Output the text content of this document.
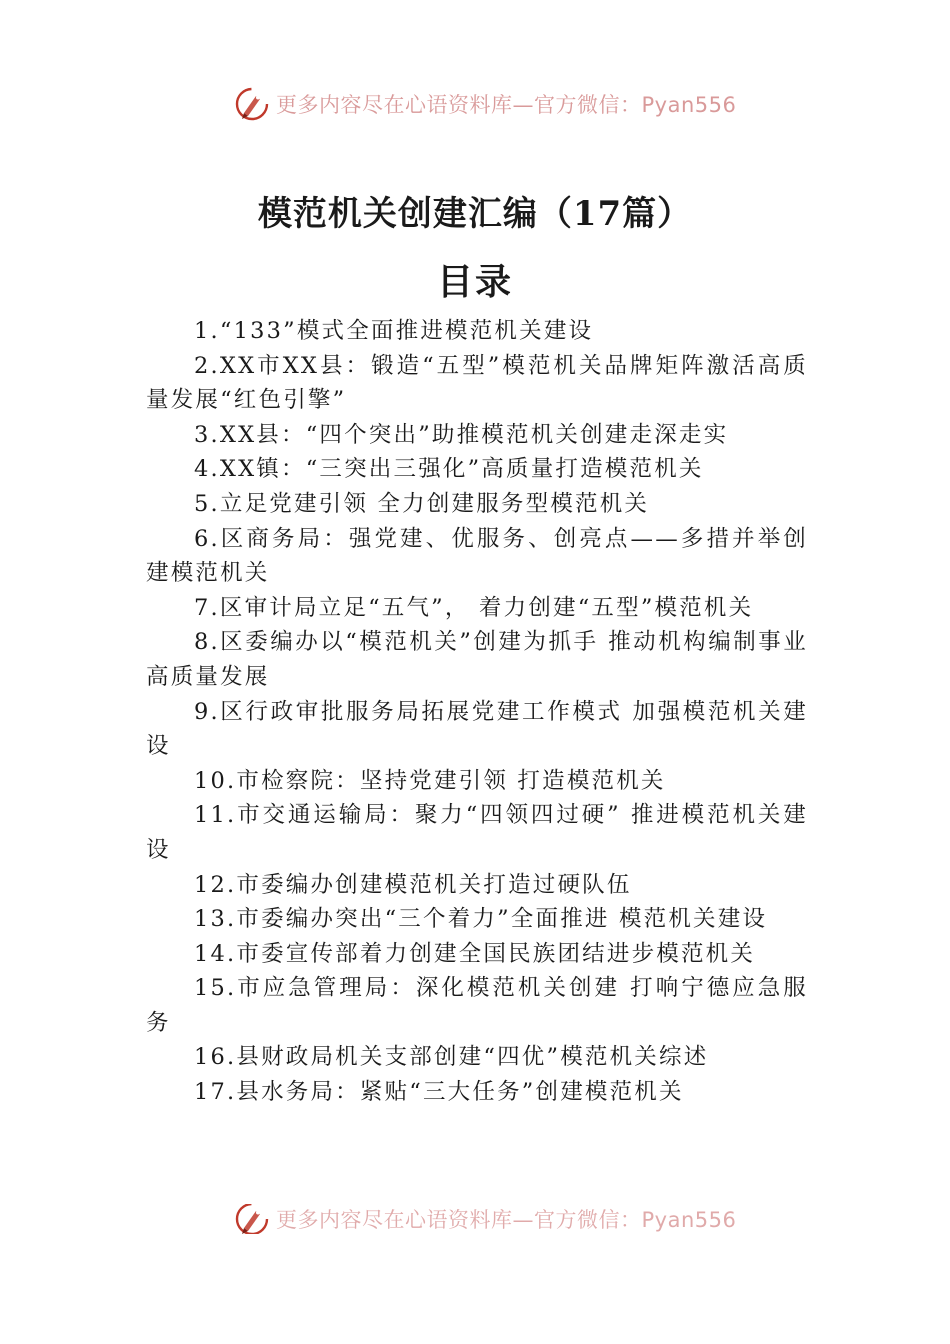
更多内容尽在心语资料库—官方微信：Pyan556
模范机关创建汇编（17篇）
目录
1.“133”模式全面推进模范机关建设
2.XX市XX县：锻造“五型”模范机关品牌矩阵激活高质量发展“红色引擎”
3.XX县：“四个突出”助推模范机关创建走深走实
4.XX镇：“三突出三强化”高质量打造模范机关
5.立足党建引领 全力创建服务型模范机关
6.区商务局：强党建、优服务、创亮点——多措并举创建模范机关
7.区审计局立足“五气”， 着力创建“五型”模范机关
8.区委编办以“模范机关”创建为抓手 推动机构编制事业高质量发展
9.区行政审批服务局拓展党建工作模式 加强模范机关建设
10.市检察院：坚持党建引领 打造模范机关
11.市交通运输局：聚力“四领四过硬” 推进模范机关建设
12.市委编办创建模范机关打造过硬队伍
13.市委编办突出“三个着力”全面推进 模范机关建设
14.市委宣传部着力创建全国民族团结进步模范机关
15.市应急管理局：深化模范机关创建 打响宁德应急服务
16.县财政局机关支部创建“四优”模范机关综述
17.县水务局：紧贴“三大任务”创建模范机关
更多内容尽在心语资料库—官方微信：Pyan556
